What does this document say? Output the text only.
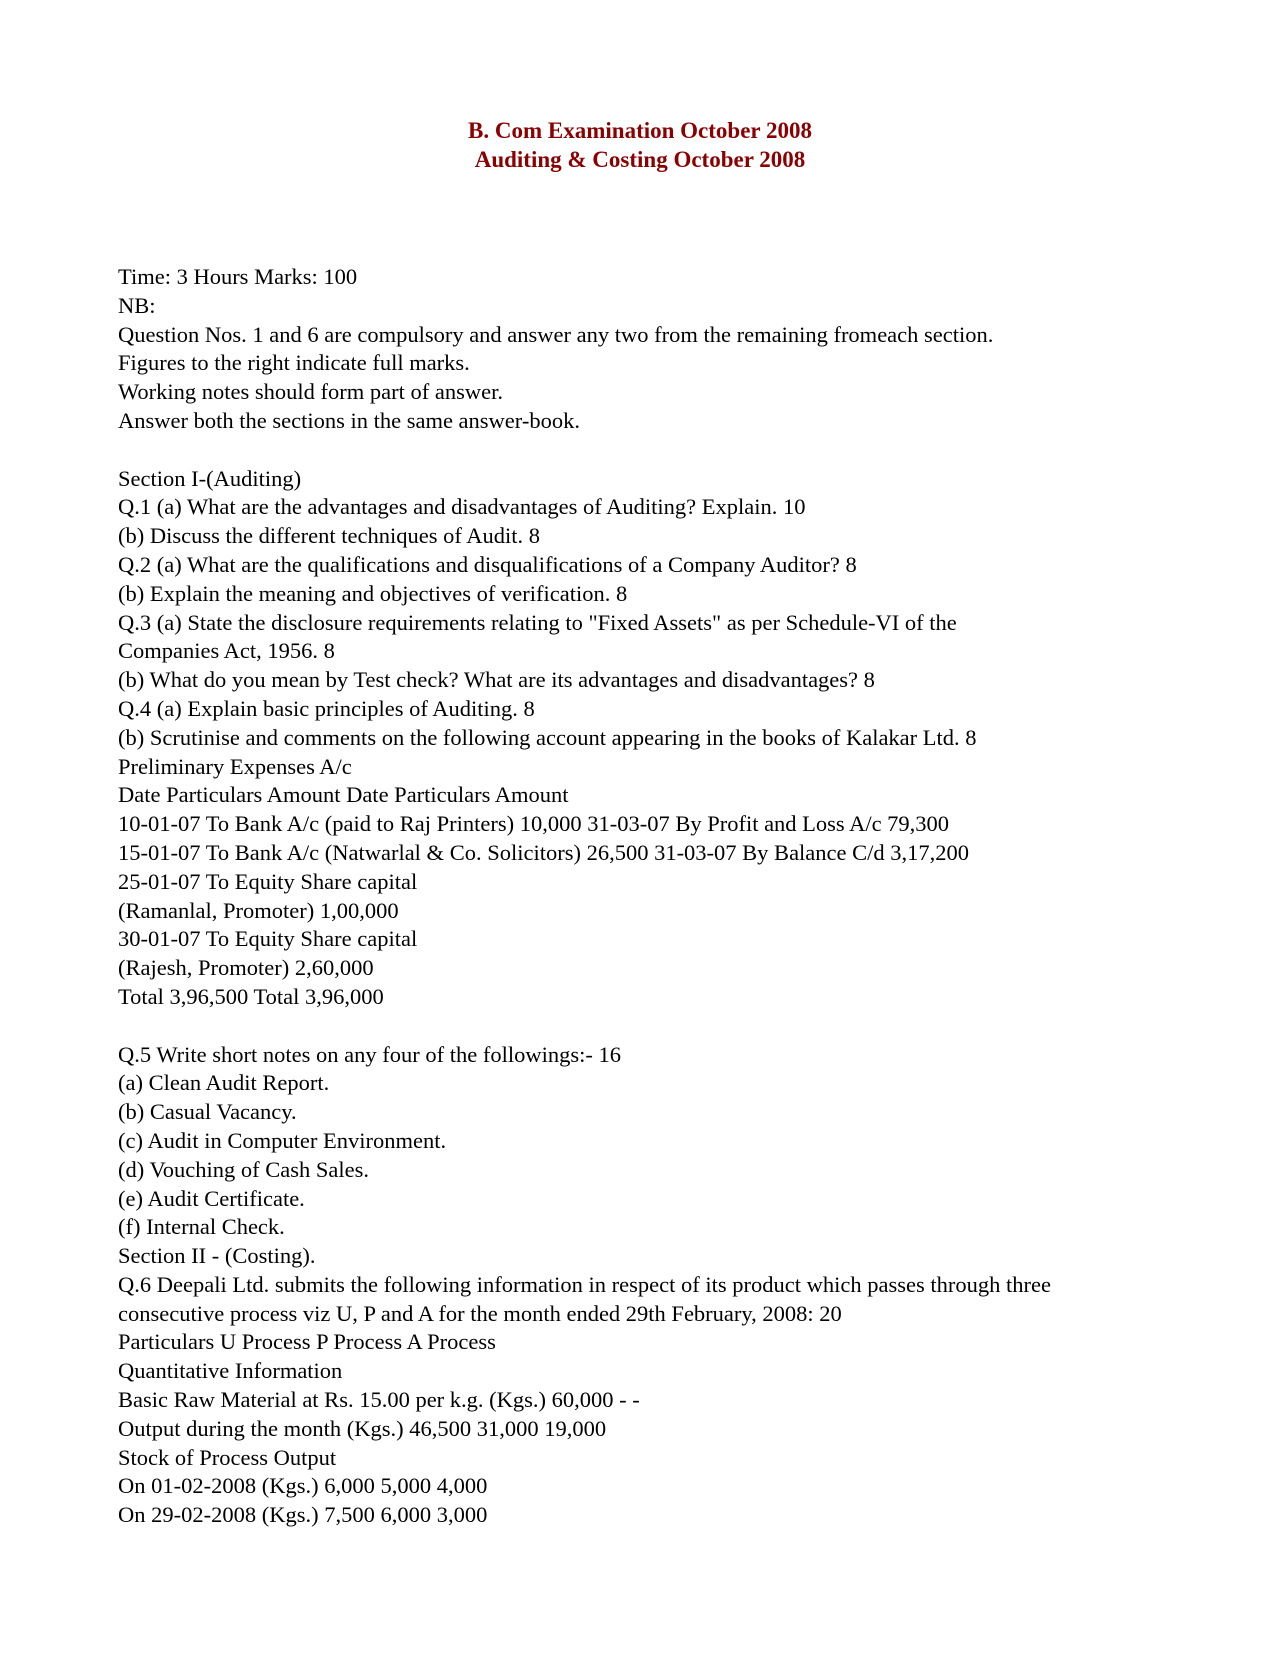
B. Com Examination October 2008
Auditing & Costing October 2008
Time: 3 Hours Marks: 100
NB:
Question Nos. 1 and 6 are compulsory and answer any two from the remaining fromeach section.
Figures to the right indicate full marks.
Working notes should form part of answer.
Answer both the sections in the same answer-book.
Section I-(Auditing)
Q.1 (a) What are the advantages and disadvantages of Auditing? Explain. 10
(b) Discuss the different techniques of Audit. 8
Q.2 (a) What are the qualifications and disqualifications of a Company Auditor? 8
(b) Explain the meaning and objectives of verification. 8
Q.3 (a) State the disclosure requirements relating to "Fixed Assets" as per Schedule-VI of the
Companies Act, 1956. 8
(b) What do you mean by Test check? What are its advantages and disadvantages? 8
Q.4 (a) Explain basic principles of Auditing. 8
(b) Scrutinise and comments on the following account appearing in the books of Kalakar Ltd. 8
Preliminary Expenses A/c
Date Particulars Amount Date Particulars Amount
10-01-07 To Bank A/c (paid to Raj Printers) 10,000 31-03-07 By Profit and Loss A/c 79,300
15-01-07 To Bank A/c (Natwarlal & Co. Solicitors) 26,500 31-03-07 By Balance C/d 3,17,200
25-01-07 To Equity Share capital
(Ramanlal, Promoter) 1,00,000
30-01-07 To Equity Share capital
(Rajesh, Promoter) 2,60,000
Total 3,96,500 Total 3,96,000
Q.5 Write short notes on any four of the followings:- 16
(a) Clean Audit Report.
(b) Casual Vacancy.
(c) Audit in Computer Environment.
(d) Vouching of Cash Sales.
(e) Audit Certificate.
(f) Internal Check.
Section II - (Costing).
Q.6 Deepali Ltd. submits the following information in respect of its product which passes through three
consecutive process viz U, P and A for the month ended 29th February, 2008: 20
Particulars U Process P Process A Process
Quantitative Information
Basic Raw Material at Rs. 15.00 per k.g. (Kgs.) 60,000 - -
Output during the month (Kgs.) 46,500 31,000 19,000
Stock of Process Output
On 01-02-2008 (Kgs.) 6,000 5,000 4,000
On 29-02-2008 (Kgs.) 7,500 6,000 3,000
